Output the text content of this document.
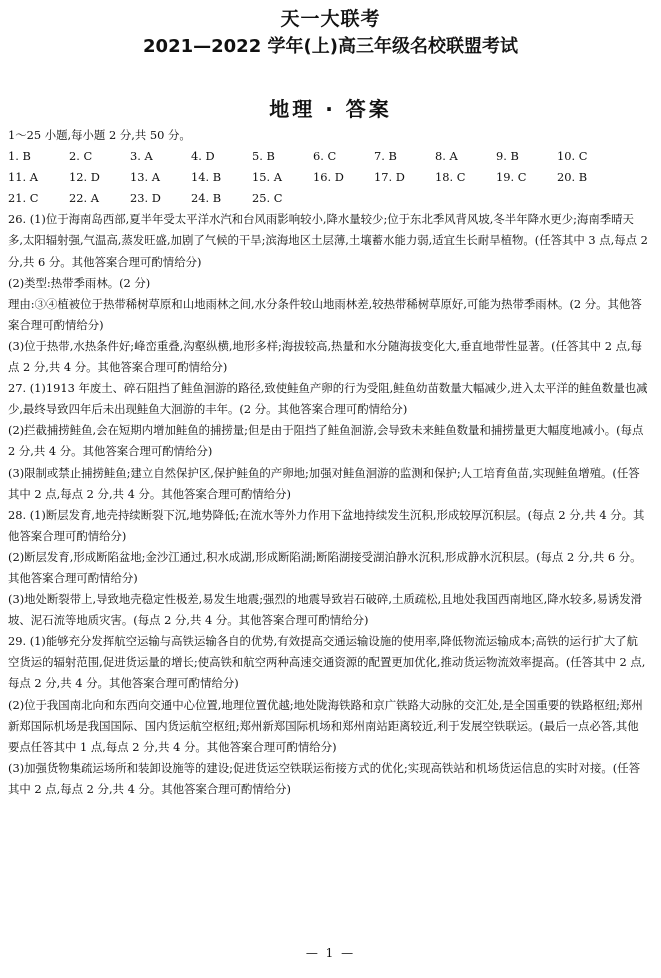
天一大联考
2021—2022 学年(上)高三年级名校联盟考试
地理 · 答案

1～25 小题,每小题 2 分,共 50 分。

1. B	2. C	3. A	4. D	5. B	6. C	7. B	8. A	9. B	10. C
11. A	12. D	13. A	14. B	15. A	16. D	17. D	18. C	19. C	20. B
21. C	22. A	23. D	24. B	25. C

26. (1)位于海南岛西部,夏半年受太平洋水汽和台风雨影响较小,降水量较少;位于东北季风背风坡,冬半年降水更少;海南季晴天多,太阳辐射强,气温高,蒸发旺盛,加剧了气候的干旱;滨海地区土层薄,土壤蓄水能力弱,适宜生长耐旱植物。(任答其中 3 点,每点 2 分,共 6 分。其他答案合理可酌情给分)

(2)类型:热带季雨林。(2 分)

理由:③④植被位于热带稀树草原和山地雨林之间,水分条件较山地雨林差,较热带稀树草原好,可能为热带季雨林。(2 分。其他答案合理可酌情给分)

(3)位于热带,水热条件好;峰峦重叠,沟壑纵横,地形多样;海拔较高,热量和水分随海拔变化大,垂直地带性显著。(任答其中 2 点,每点 2 分,共 4 分。其他答案合理可酌情给分)

27. (1)1913 年废土、碎石阻挡了鲑鱼洄游的路径,致使鲑鱼产卵的行为受阻,鲑鱼幼苗数量大幅减少,进入太平洋的鲑鱼数量也减少,最终导致四年后未出现鲑鱼大洄游的丰年。(2 分。其他答案合理可酌情给分)

(2)拦截捕捞鲑鱼,会在短期内增加鲑鱼的捕捞量;但是由于阻挡了鲑鱼洄游,会导致未来鲑鱼数量和捕捞量更大幅度地减小。(每点 2 分,共 4 分。其他答案合理可酌情给分)

(3)限制或禁止捕捞鲑鱼;建立自然保护区,保护鲑鱼的产卵地;加强对鲑鱼洄游的监测和保护;人工培育鱼苗,实现鲑鱼增殖。(任答其中 2 点,每点 2 分,共 4 分。其他答案合理可酌情给分)

28. (1)断层发育,地壳持续断裂下沉,地势降低;在流水等外力作用下盆地持续发生沉积,形成较厚沉积层。(每点 2 分,共 4 分。其他答案合理可酌情给分)

(2)断层发育,形成断陷盆地;金沙江通过,积水成湖,形成断陷湖;断陷湖接受湖泊静水沉积,形成静水沉积层。(每点 2 分,共 6 分。其他答案合理可酌情给分)

(3)地处断裂带上,导致地壳稳定性极差,易发生地震;强烈的地震导致岩石破碎,土质疏松,且地处我国西南地区,降水较多,易诱发滑坡、泥石流等地质灾害。(每点 2 分,共 4 分。其他答案合理可酌情给分)

29. (1)能够充分发挥航空运输与高铁运输各自的优势,有效提高交通运输设施的使用率,降低物流运输成本;高铁的运行扩大了航空货运的辐射范围,促进货运量的增长;使高铁和航空两种高速交通资源的配置更加优化,推动货运物流效率提高。(任答其中 2 点,每点 2 分,共 4 分。其他答案合理可酌情给分)

(2)位于我国南北向和东西向交通中心位置,地理位置优越;地处陇海铁路和京广铁路大动脉的交汇处,是全国重要的铁路枢纽;郑州新郑国际机场是我国国际、国内货运航空枢纽;郑州新郑国际机场和郑州南站距离较近,利于发展空铁联运。(最后一点必答,其他要点任答其中 1 点,每点 2 分,共 4 分。其他答案合理可酌情给分)

(3)加强货物集疏运场所和装卸设施等的建设;促进货运空铁联运衔接方式的优化;实现高铁站和机场货运信息的实时对接。(任答其中 2 点,每点 2 分,共 4 分。其他答案合理可酌情给分)

— 1 —
